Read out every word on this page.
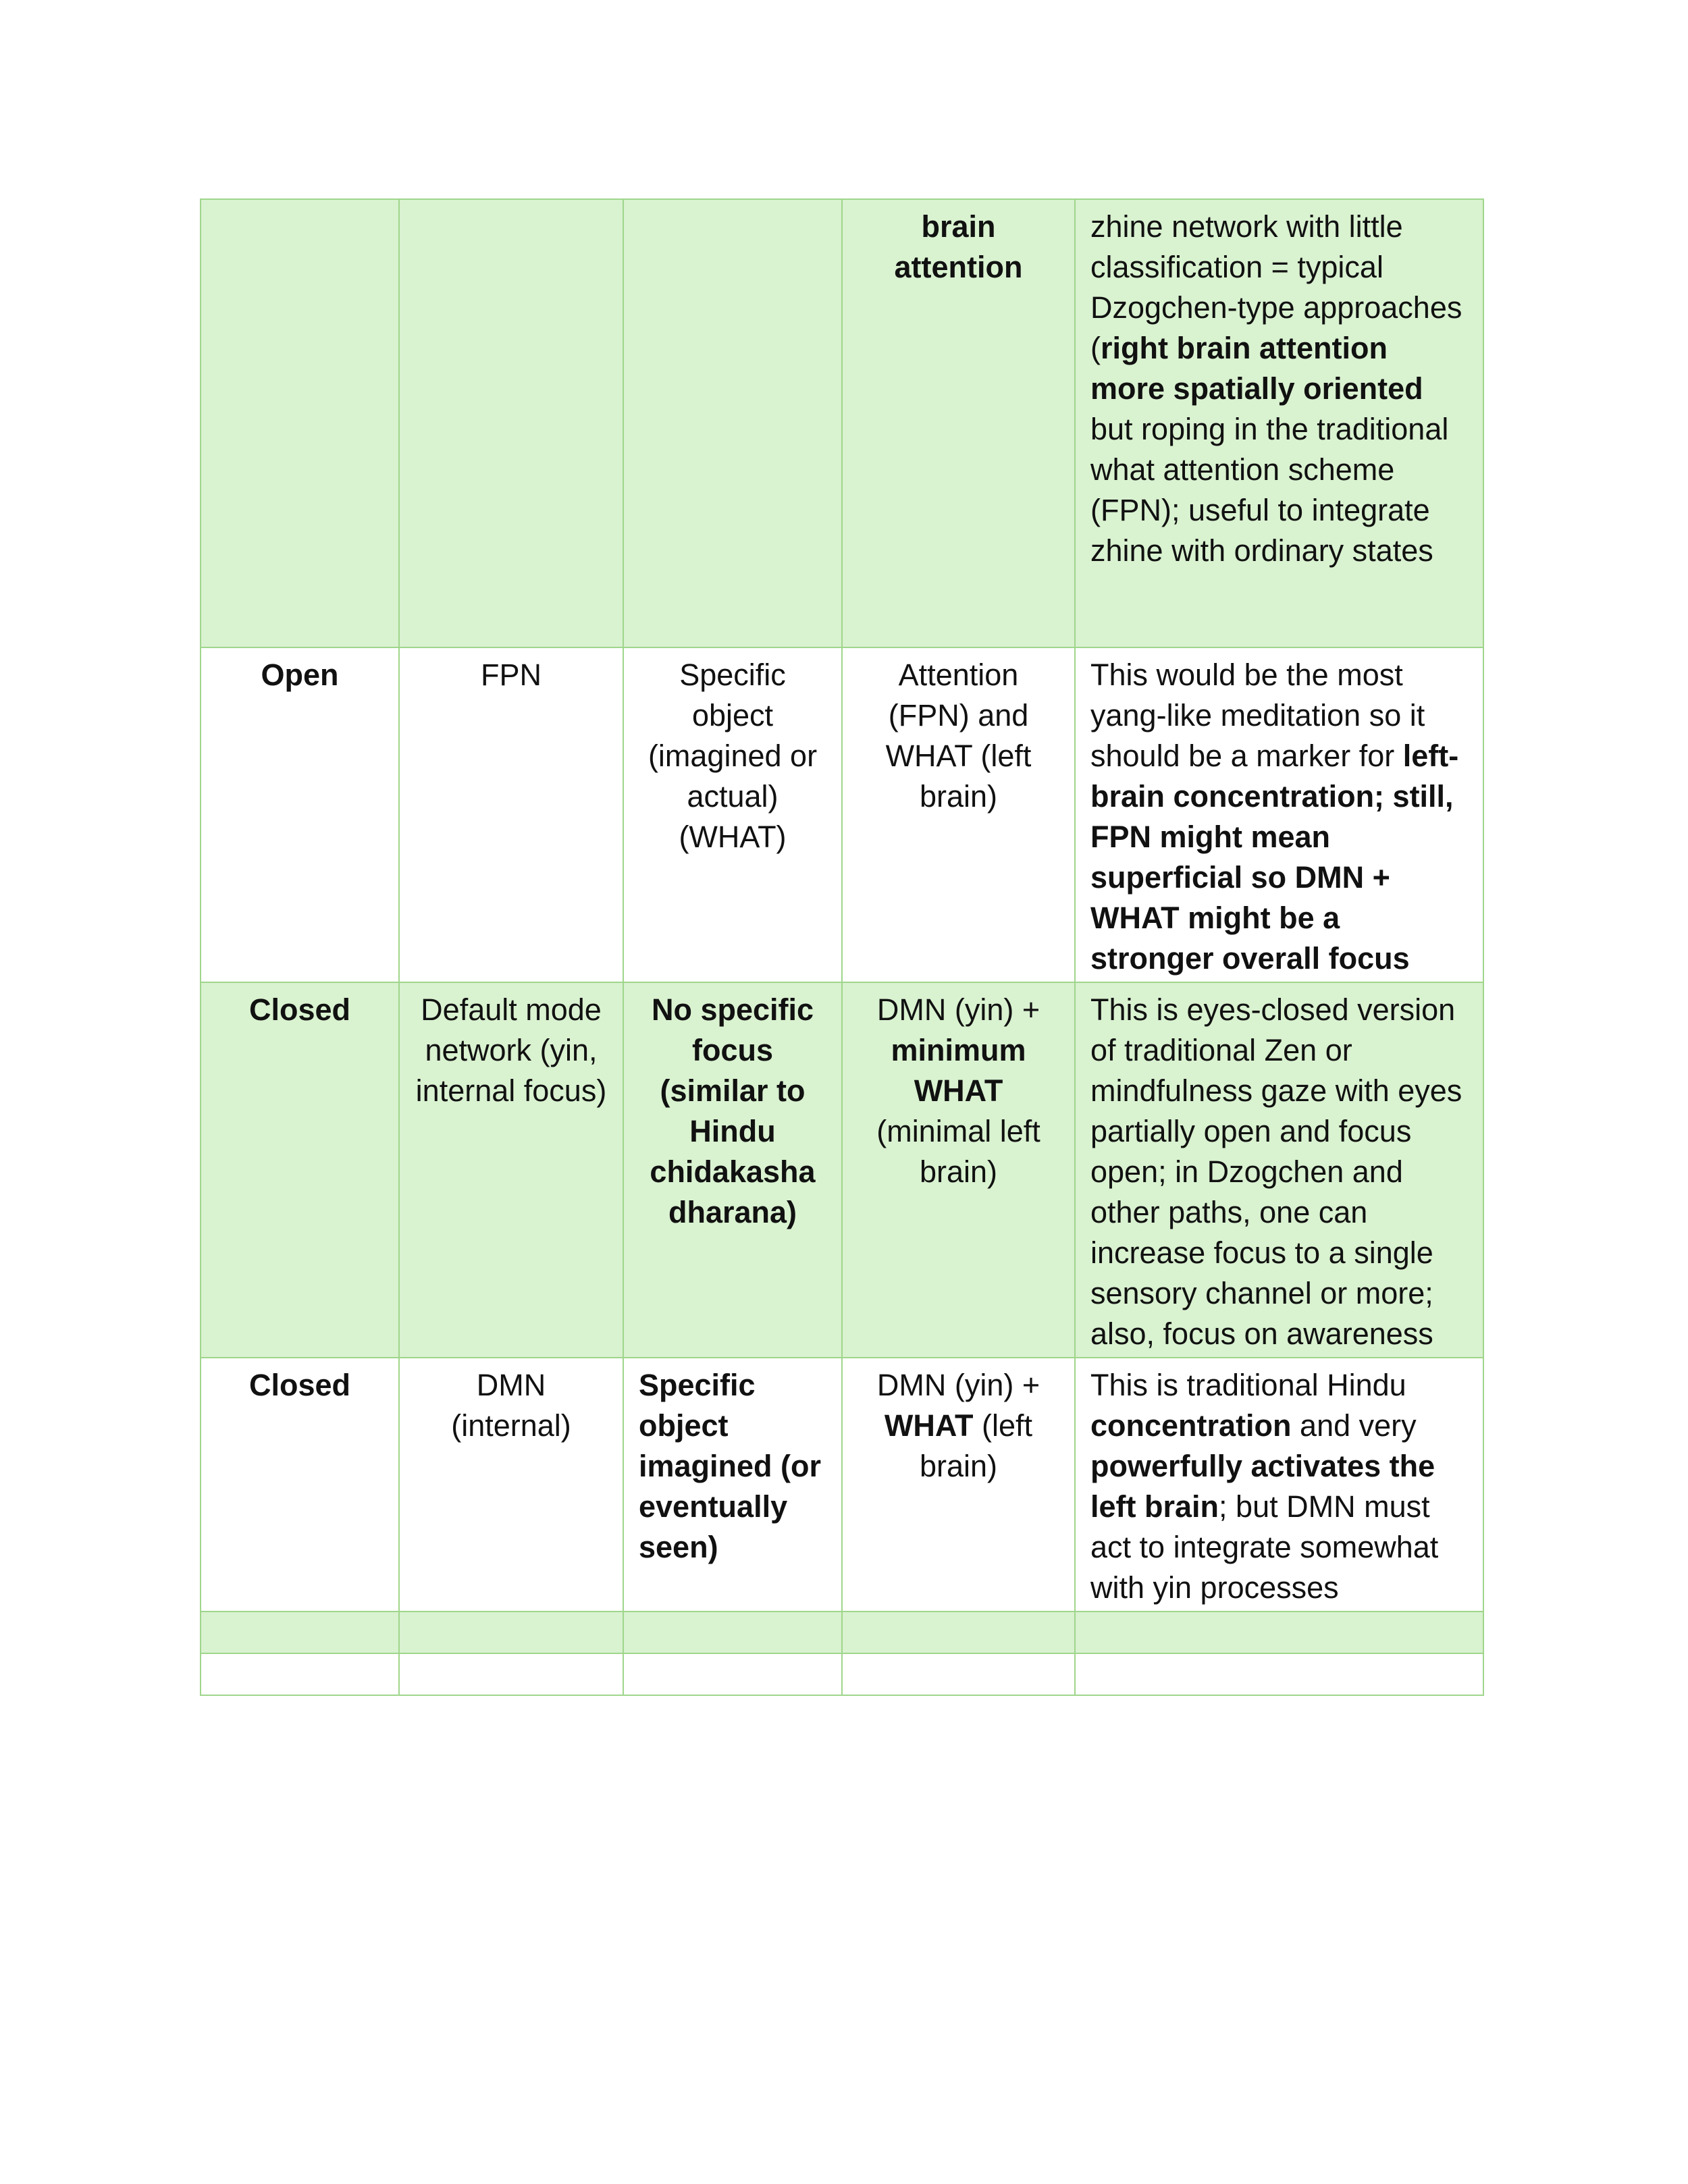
			brain attention	zhine network with little classification = typical Dzogchen-type approaches (right brain attention more spatially oriented but roping in the traditional what attention scheme (FPN); useful to integrate zhine with ordinary states
Open	FPN	Specific object (imagined or actual) (WHAT)	Attention (FPN) and WHAT (left brain)	This would be the most yang-like meditation so it should be a marker for left-brain concentration; still, FPN might mean superficial so DMN + WHAT might be a stronger overall focus
Closed	Default mode network (yin, internal focus)	No specific focus (similar to Hindu chidakasha dharana)	DMN (yin) + minimum WHAT (minimal left brain)	This is eyes-closed version of traditional Zen or mindfulness gaze with eyes partially open and focus open; in Dzogchen and other paths, one can increase focus to a single sensory channel or more; also, focus on awareness
Closed	DMN (internal)	Specific object imagined (or eventually seen)	DMN (yin) + WHAT (left brain)	This is traditional Hindu concentration and very powerfully activates the left brain; but DMN must act to integrate somewhat with yin processes
